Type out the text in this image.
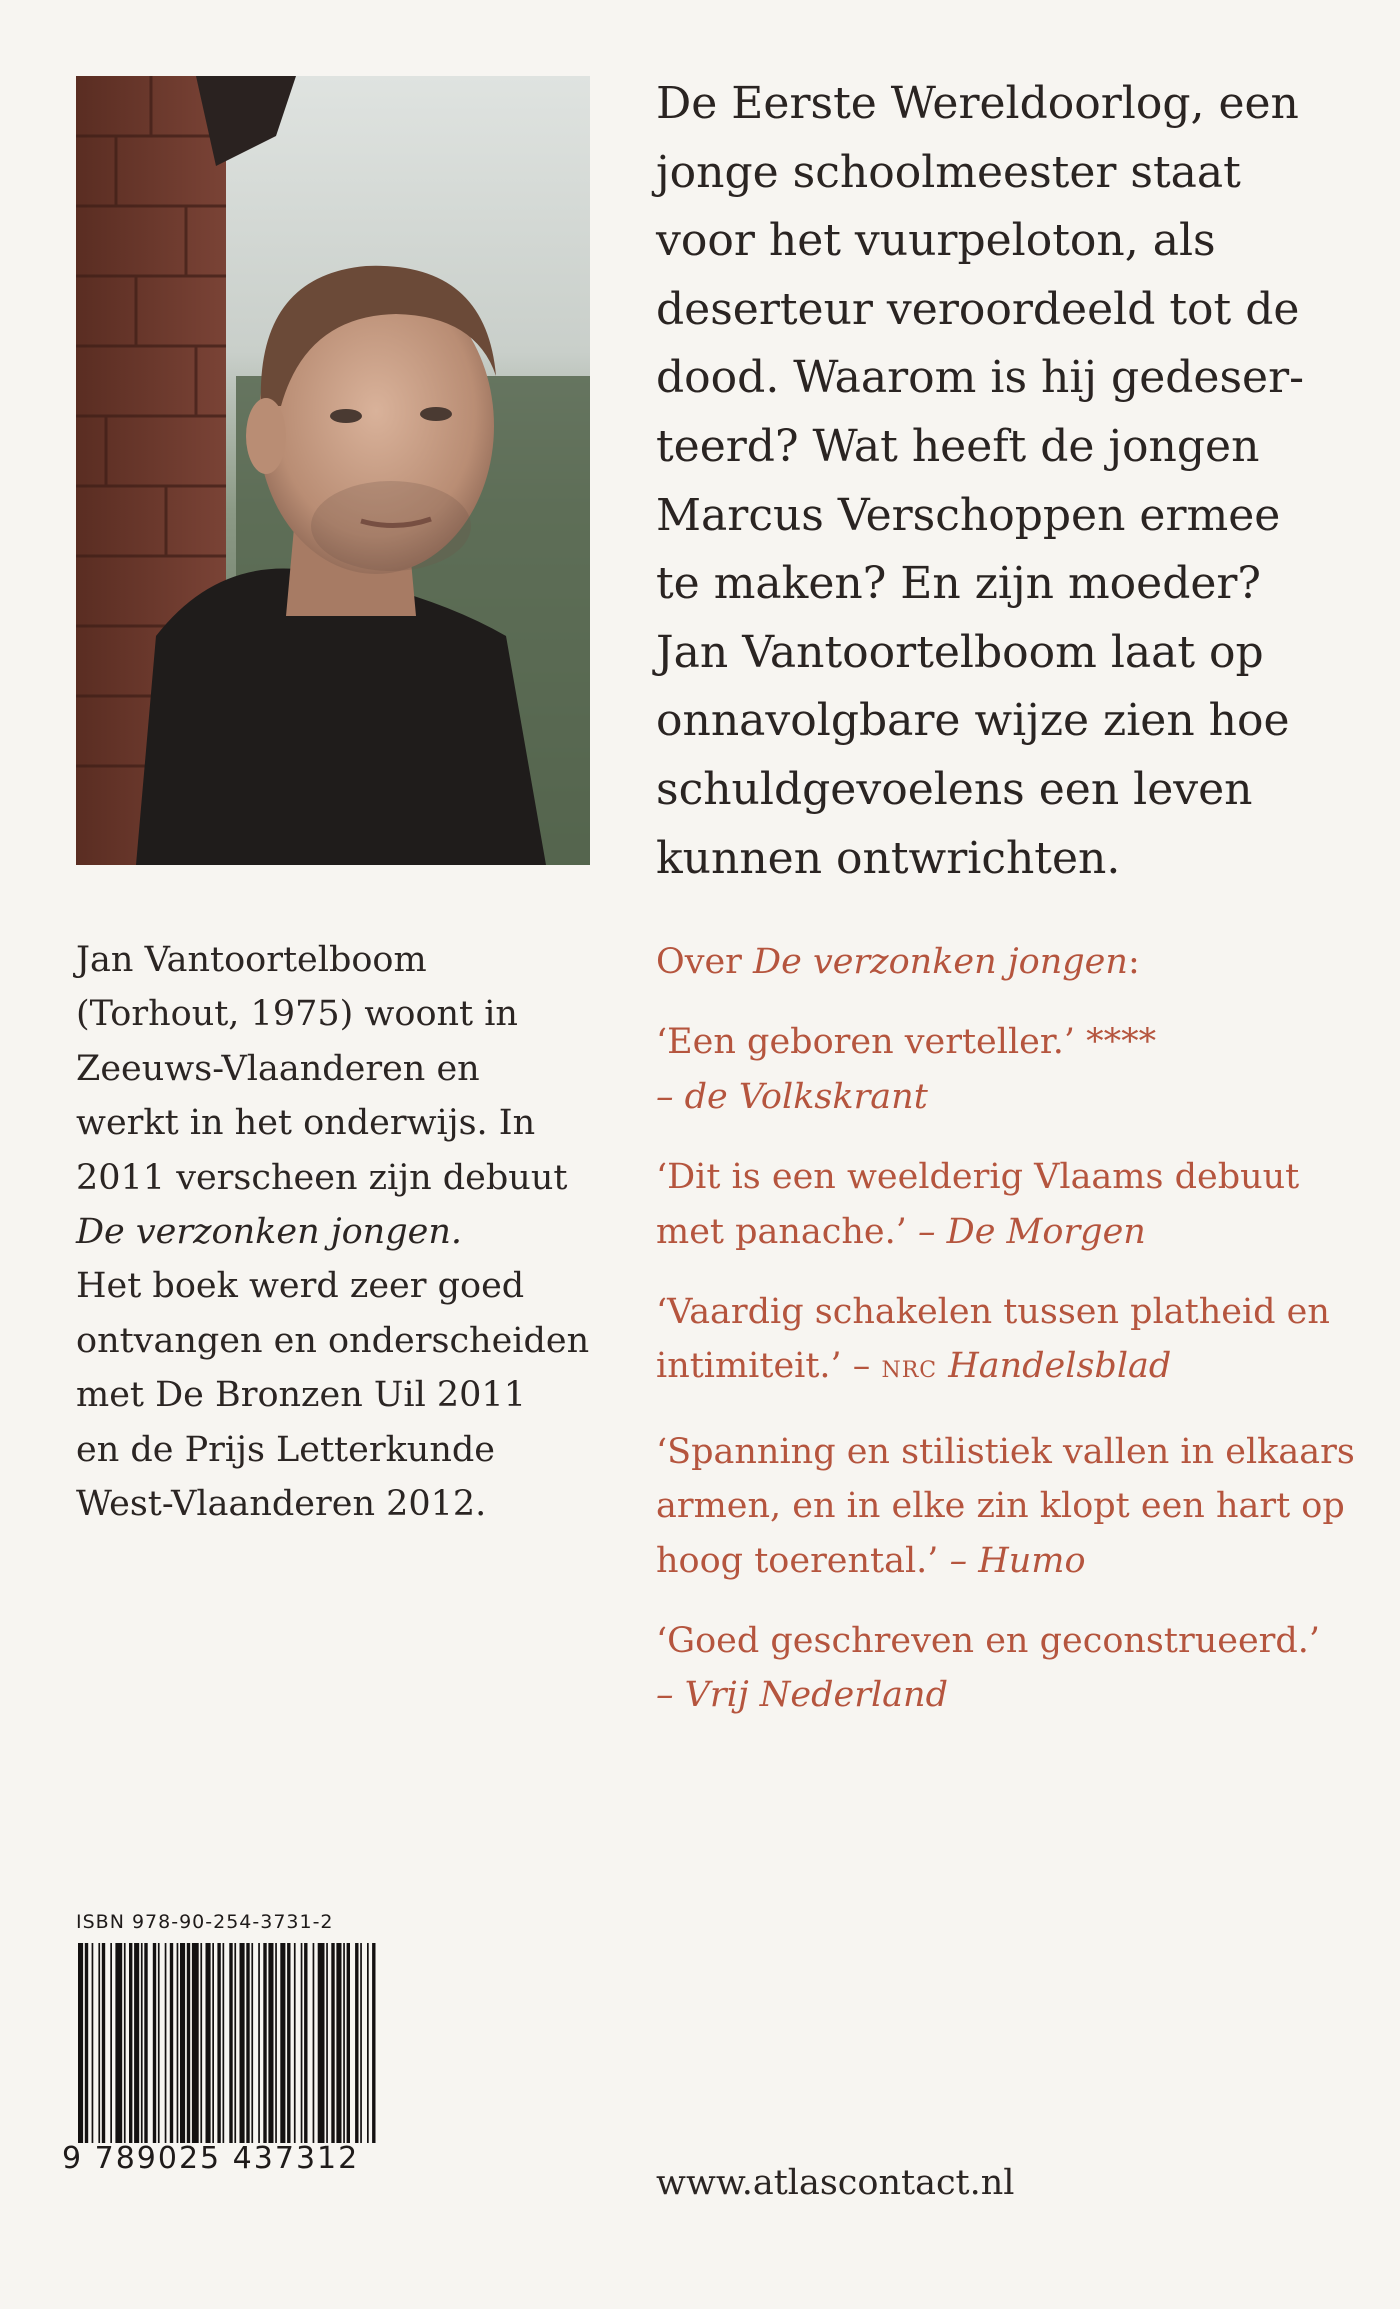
De Eerste Wereldoorlog, een
jonge schoolmeester staat
voor het vuurpeloton, als
deserteur veroordeeld tot de
dood. Waarom is hij gedeser-
teerd? Wat heeft de jongen
Marcus Verschoppen ermee
te maken? En zijn moeder?
Jan Vantoortelboom laat op
onnavolgbare wijze zien hoe
schuldgevoelens een leven
kunnen ontwrichten.
Jan Vantoortelboom
(Torhout, 1975) woont in
Zeeuws-Vlaanderen en
werkt in het onderwijs. In
2011 verscheen zijn debuut
De verzonken jongen.
Het boek werd zeer goed
ontvangen en onderscheiden
met De Bronzen Uil 2011
en de Prijs Letterkunde
West-Vlaanderen 2012.
Over De verzonken jongen:
‘Een geboren verteller.’ ****
– de Volkskrant
‘Dit is een weelderig Vlaams debuut
met panache.’ – De Morgen
‘Vaardig schakelen tussen platheid en
intimiteit.’ – NRC Handelsblad
‘Spanning en stilistiek vallen in elkaars
armen, en in elke zin klopt een hart op
hoog toerental.’ – Humo
‘Goed geschreven en geconstrueerd.’
– Vrij Nederland
ISBN 978-90-254-3731-2
9 789025 437312
www.atlascontact.nl
